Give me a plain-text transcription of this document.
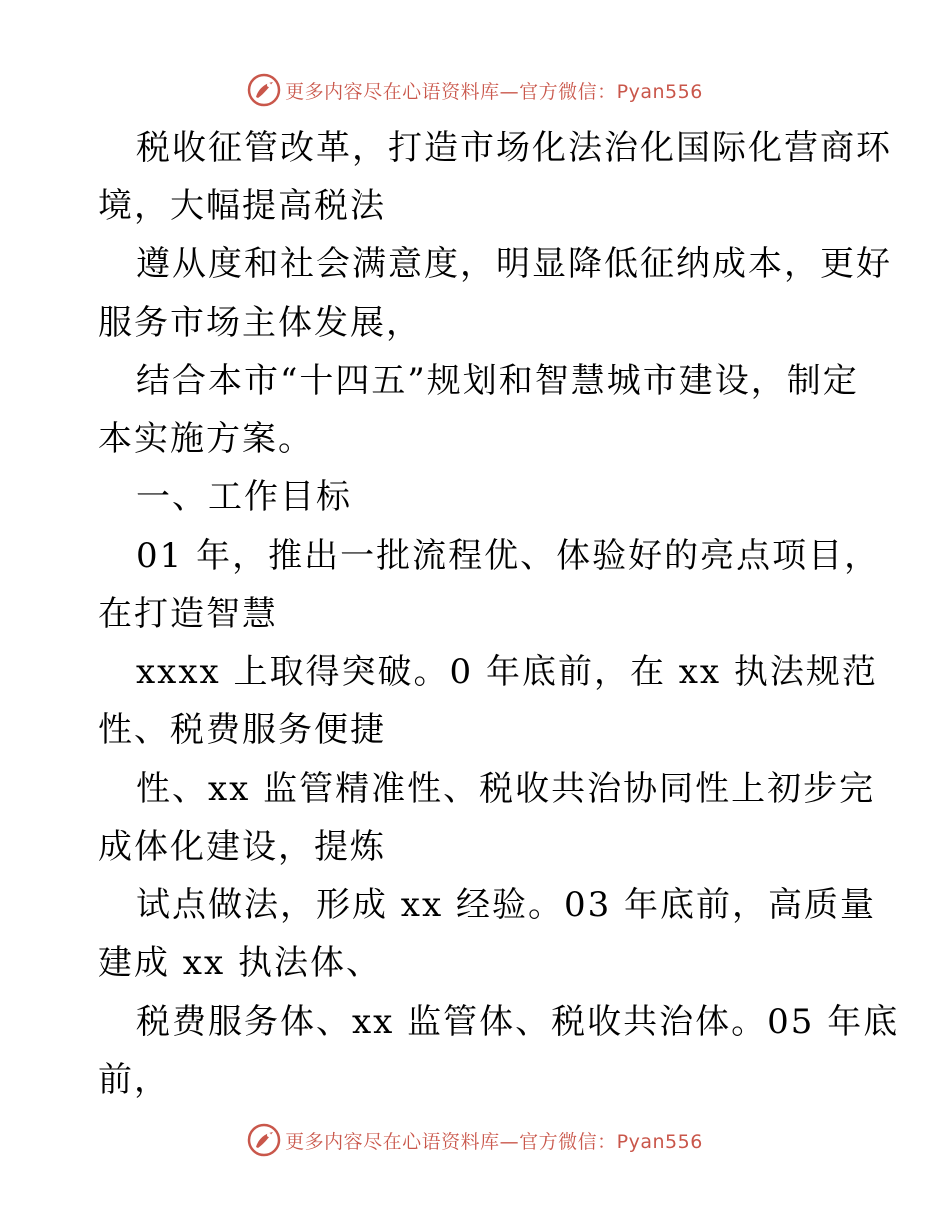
更多内容尽在心语资料库—官方微信：Pyan556
税收征管改革，打造市场化法治化国际化营商环
境，大幅提高税法
遵从度和社会满意度，明显降低征纳成本，更好
服务市场主体发展，
结合本市“十四五”规划和智慧城市建设，制定
本实施方案。
一、工作目标
01 年，推出一批流程优、体验好的亮点项目，
在打造智慧
xxxx 上取得突破。0 年底前，在 xx 执法规范
性、税费服务便捷
性、xx 监管精准性、税收共治协同性上初步完
成体化建设，提炼
试点做法，形成 xx 经验。03 年底前，高质量
建成 xx 执法体、
税费服务体、xx 监管体、税收共治体。05 年底
前，
更多内容尽在心语资料库—官方微信：Pyan556
